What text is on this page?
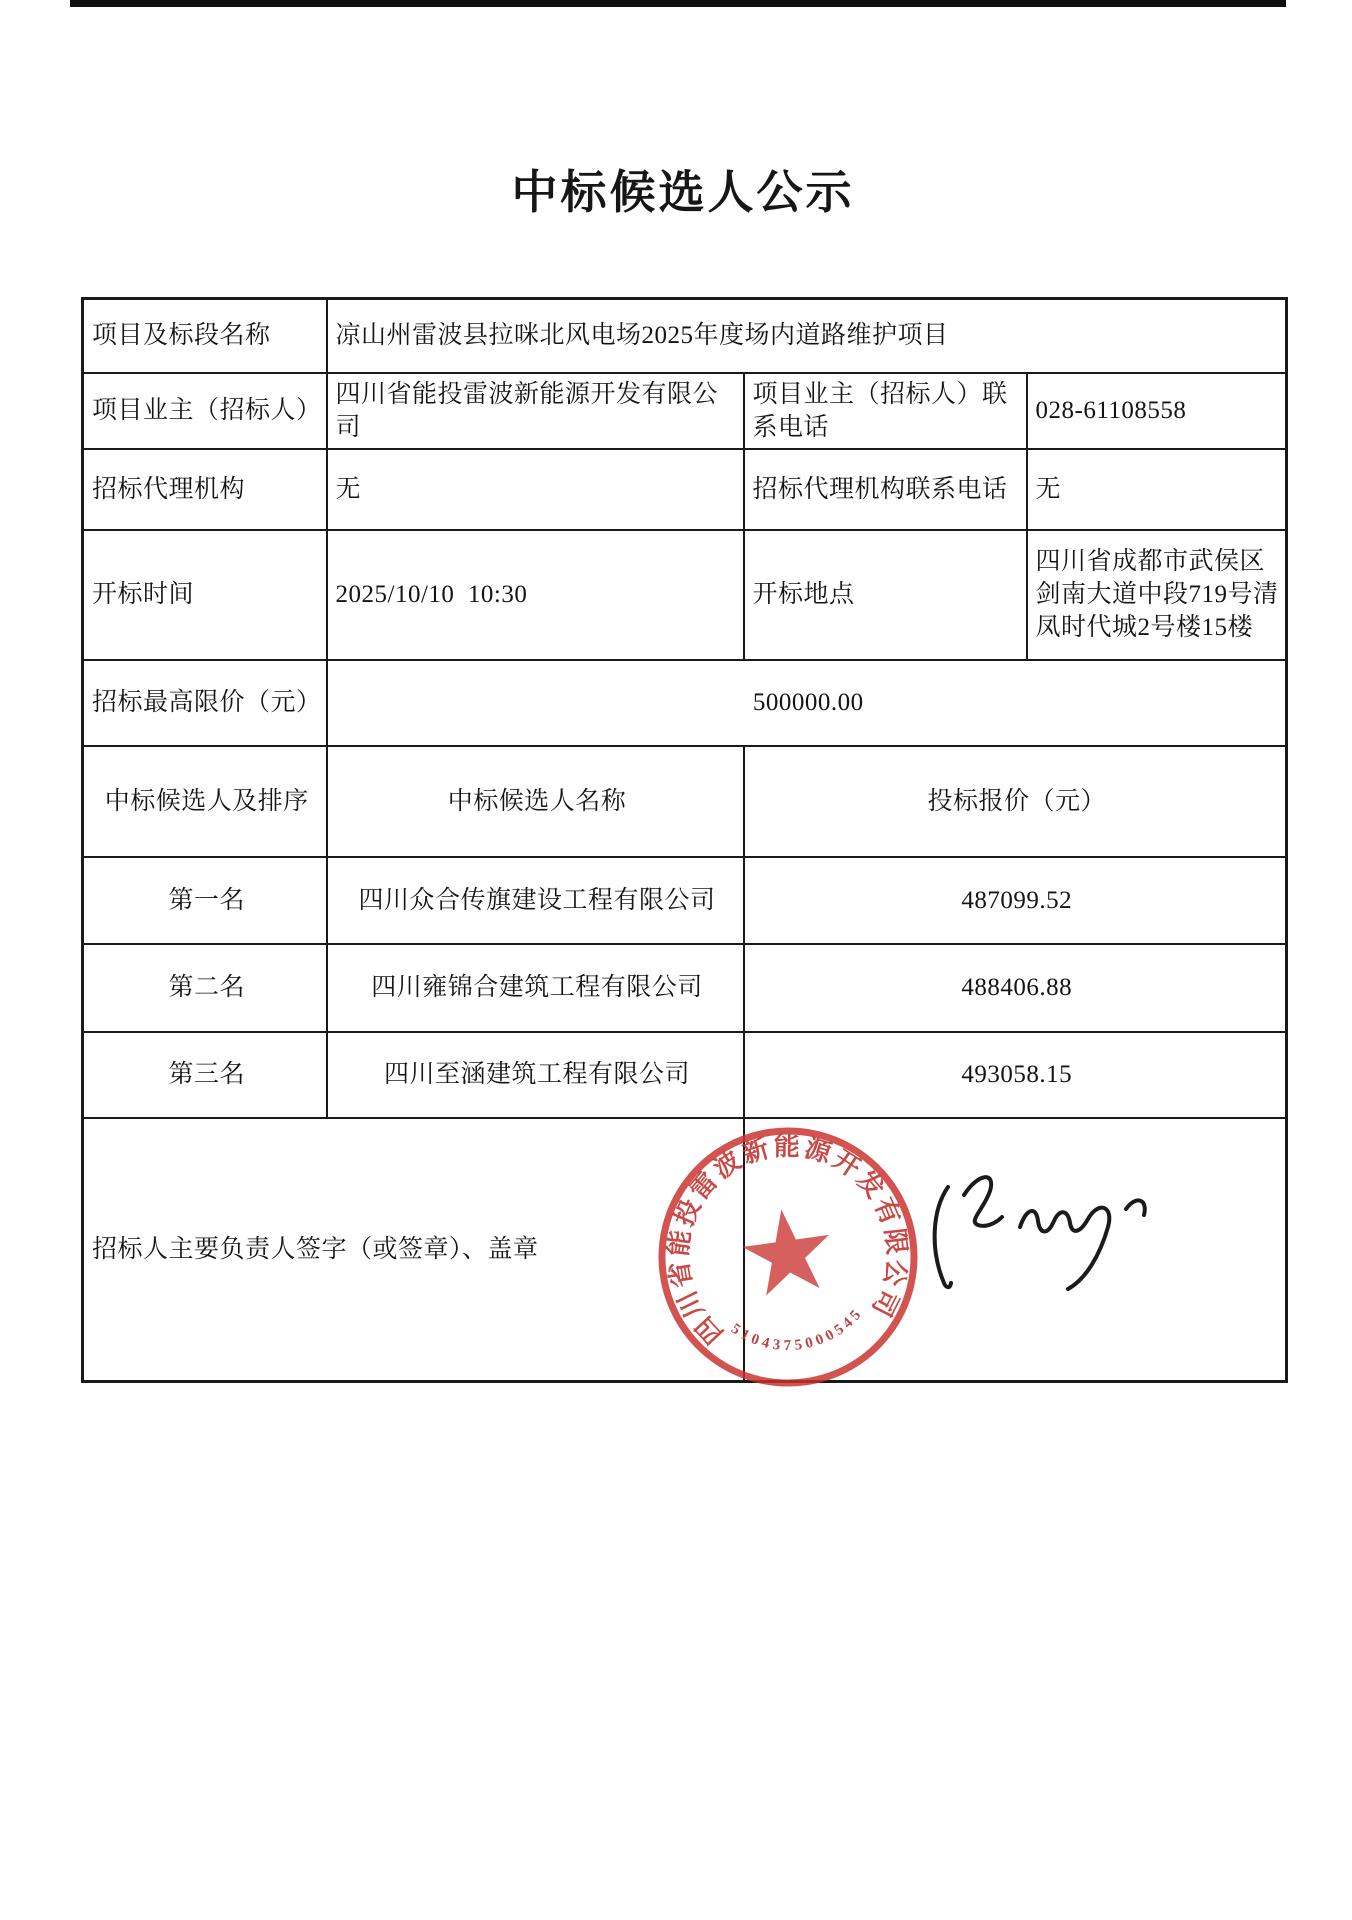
中标候选人公示
项目及标段名称	凉山州雷波县拉咪北风电场2025年度场内道路维护项目		
项目业主（招标人）	四川省能投雷波新能源开发有限公司	项目业主（招标人）联系电话	028-61108558
招标代理机构	无	招标代理机构联系电话	无
开标时间	2025/10/10  10:30	开标地点	四川省成都市武侯区剑南大道中段719号清凤时代城2号楼15楼
招标最高限价（元）	500000.00		
中标候选人及排序	中标候选人名称	投标报价（元）	
第一名	四川众合传旗建设工程有限公司	487099.52	
第二名	四川雍锦合建筑工程有限公司	488406.88	
第三名	四川至涵建筑工程有限公司	493058.15	
招标人主要负责人签字（或签章）、盖章			
四川省能投雷波新能源开发有限公司
5104375000545
